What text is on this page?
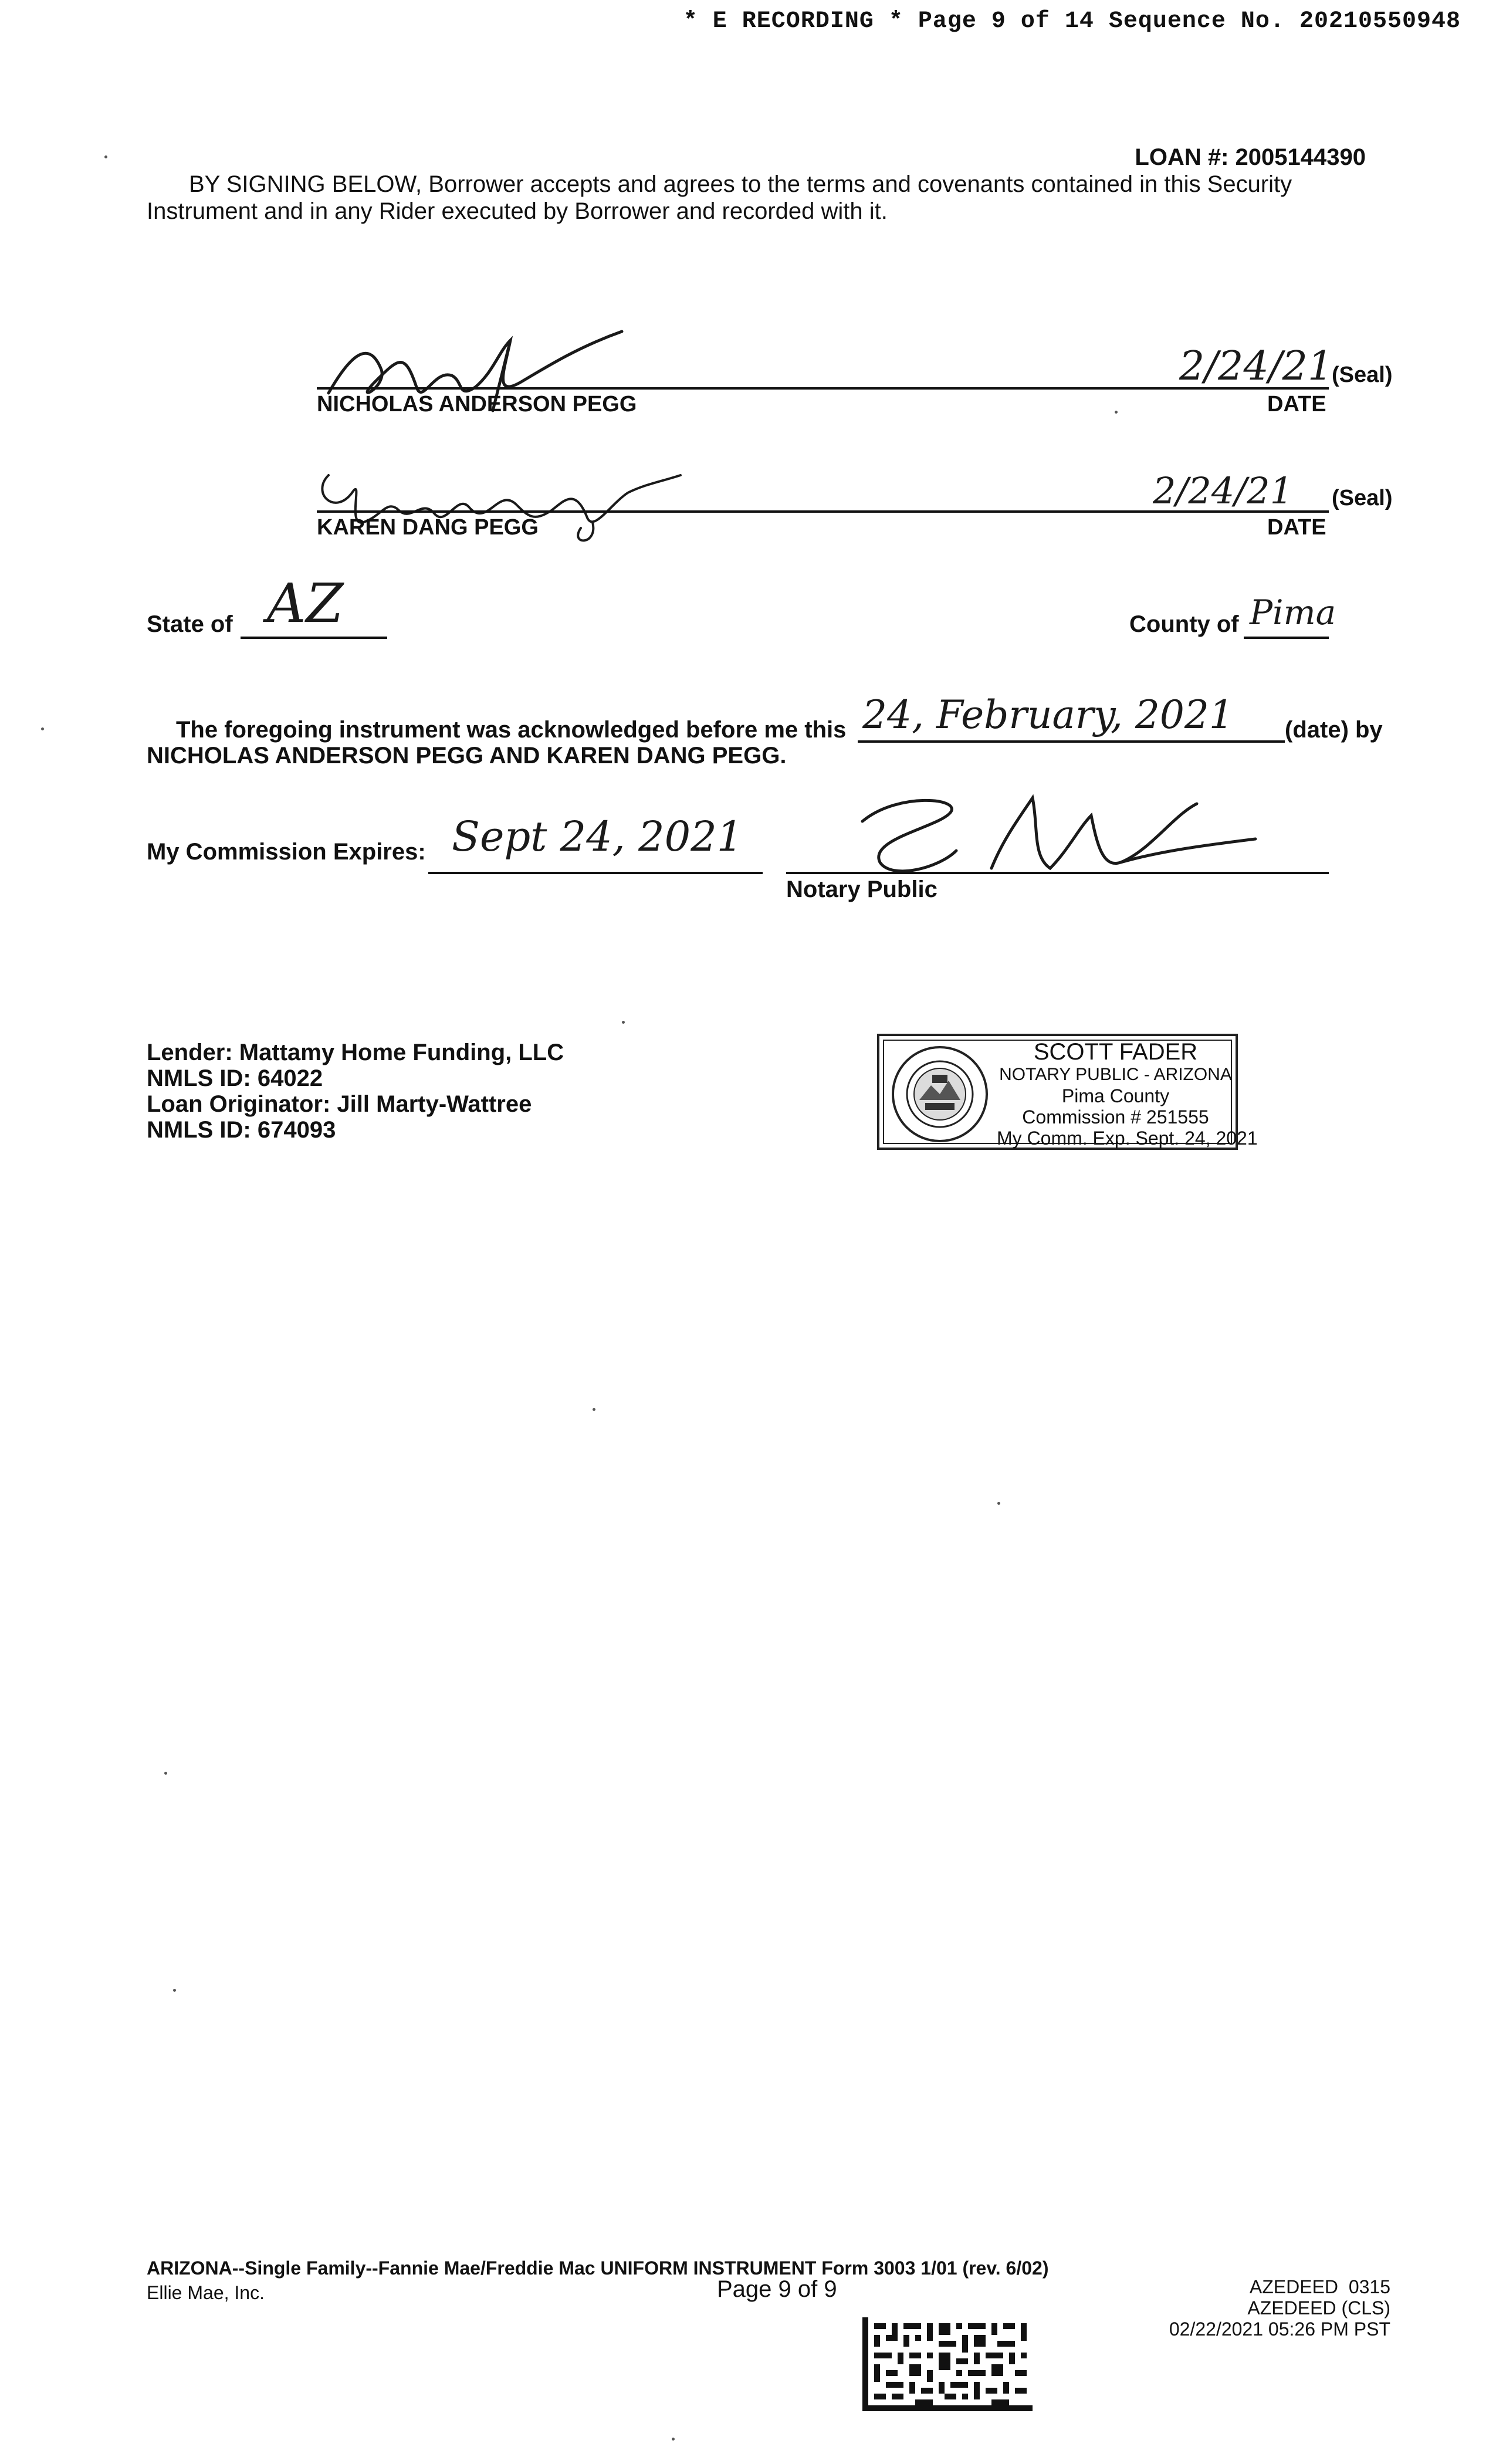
* E RECORDING * Page 9 of 14 Sequence No. 20210550948
LOAN #: 2005144390
BY SIGNING BELOW, Borrower accepts and agrees to the terms and covenants contained in this Security
Instrument and in any Rider executed by Borrower and recorded with it.
NICHOLAS ANDERSON PEGG
2/24/21
(Seal)
DATE
KAREN DANG PEGG
2/24/21 (Seal)
DATE
State of AZ	County of Pima
The foregoing instrument was acknowledged before me this 24, February, 2021 (date) by
NICHOLAS ANDERSON PEGG AND KAREN DANG PEGG.
My Commission Expires: Sept 24, 2021
Notary Public
Lender: Mattamy Home Funding, LLC
NMLS ID: 64022
Loan Originator: Jill Marty-Wattree
NMLS ID: 674093
SCOTT FADER
NOTARY PUBLIC - ARIZONA
Pima County
Commission # 251555
My Comm. Exp. Sept. 24, 2021
ARIZONA--Single Family--Fannie Mae/Freddie Mac UNIFORM INSTRUMENT Form 3003 1/01 (rev. 6/02)
Ellie Mae, Inc.	Page 9 of 9	AZEDEED  0315
AZEDEED (CLS)
02/22/2021 05:26 PM PST
